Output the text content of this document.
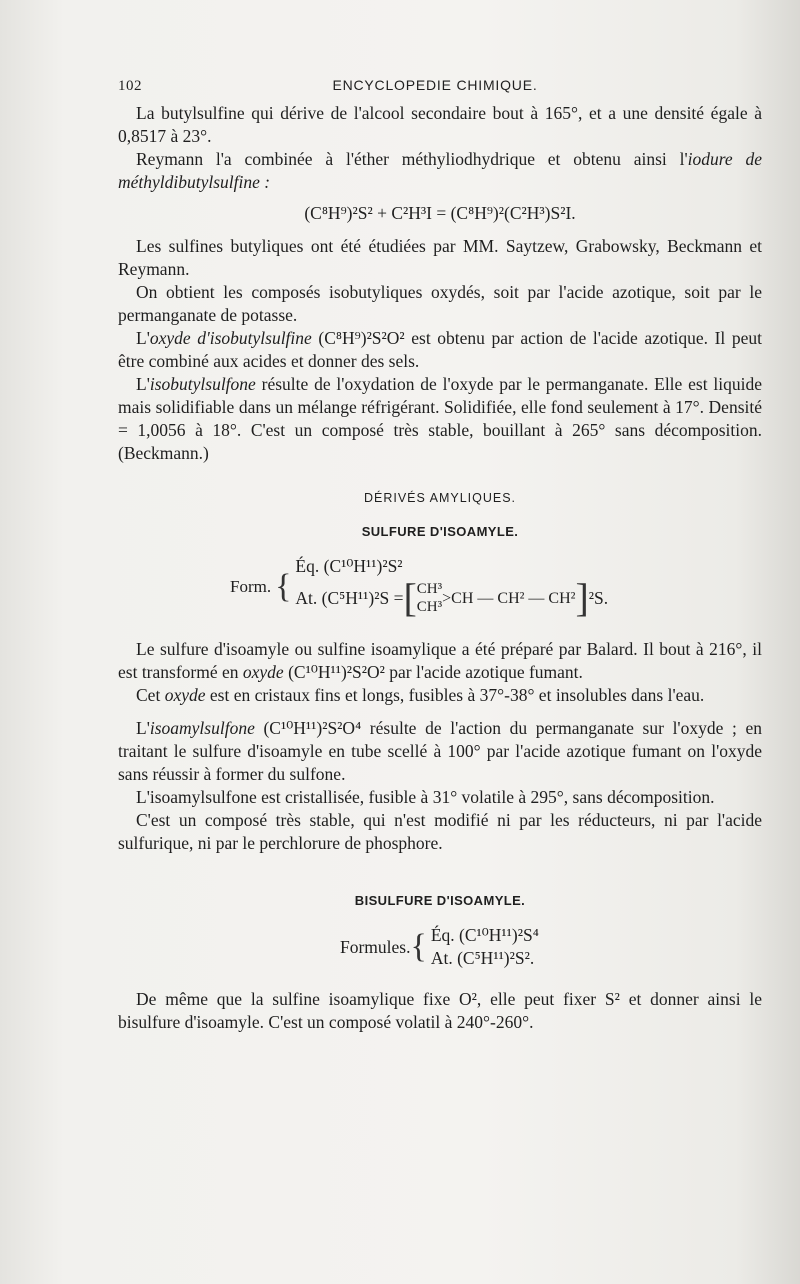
102	ENCYCLOPEDIE CHIMIQUE.

La butylsulfine qui dérive de l'alcool secondaire bout à 165°, et a une densité égale à 0,8517 à 23°.

Reymann l'a combinée à l'éther méthyliodhydrique et obtenu ainsi l'iodure de méthyldibutylsulfine :

(C⁸H⁹)²S² + C²H³I = (C⁸H⁹)²(C²H³)S²I.

Les sulfines butyliques ont été étudiées par MM. Saytzew, Grabowsky, Beckmann et Reymann.

On obtient les composés isobutyliques oxydés, soit par l'acide azotique, soit par le permanganate de potasse.

L'oxyde d'isobutylsulfine (C⁸H⁹)²S²O² est obtenu par action de l'acide azotique. Il peut être combiné aux acides et donner des sels.

L'isobutylsulfone résulte de l'oxydation de l'oxyde par le permanganate. Elle est liquide mais solidifiable dans un mélange réfrigérant. Solidifiée, elle fond seulement à 17°. Densité = 1,0056 à 18°. C'est un composé très stable, bouillant à 265° sans décomposition. (Beckmann.)

DÉRIVÉS AMYLIQUES.
SULFURE D'ISOAMYLE.
Form. {
Éq. (C¹⁰H¹¹)²S²
At. (C⁵H¹¹)²S = [ CH³
CH³
>CH — CH² — CH² ] ²S.

Le sulfure d'isoamyle ou sulfine isoamylique a été préparé par Balard. Il bout à 216°, il est transformé en oxyde (C¹⁰H¹¹)²S²O² par l'acide azotique fumant.

Cet oxyde est en cristaux fins et longs, fusibles à 37°-38° et insolubles dans l'eau.

L'isoamylsulfone (C¹⁰H¹¹)²S²O⁴ résulte de l'action du permanganate sur l'oxyde ; en traitant le sulfure d'isoamyle en tube scellé à 100° par l'acide azotique fumant on l'oxyde sans réussir à former du sulfone.

L'isoamylsulfone est cristallisée, fusible à 31° volatile à 295°, sans décomposition.

C'est un composé très stable, qui n'est modifié ni par les réducteurs, ni par l'acide sulfurique, ni par le perchlorure de phosphore.

BISULFURE D'ISOAMYLE.
Formules. { Éq. (C¹⁰H¹¹)²S⁴
At. (C⁵H¹¹)²S².

De même que la sulfine isoamylique fixe O², elle peut fixer S² et donner ainsi le bisulfure d'isoamyle. C'est un composé volatil à 240°-260°.
